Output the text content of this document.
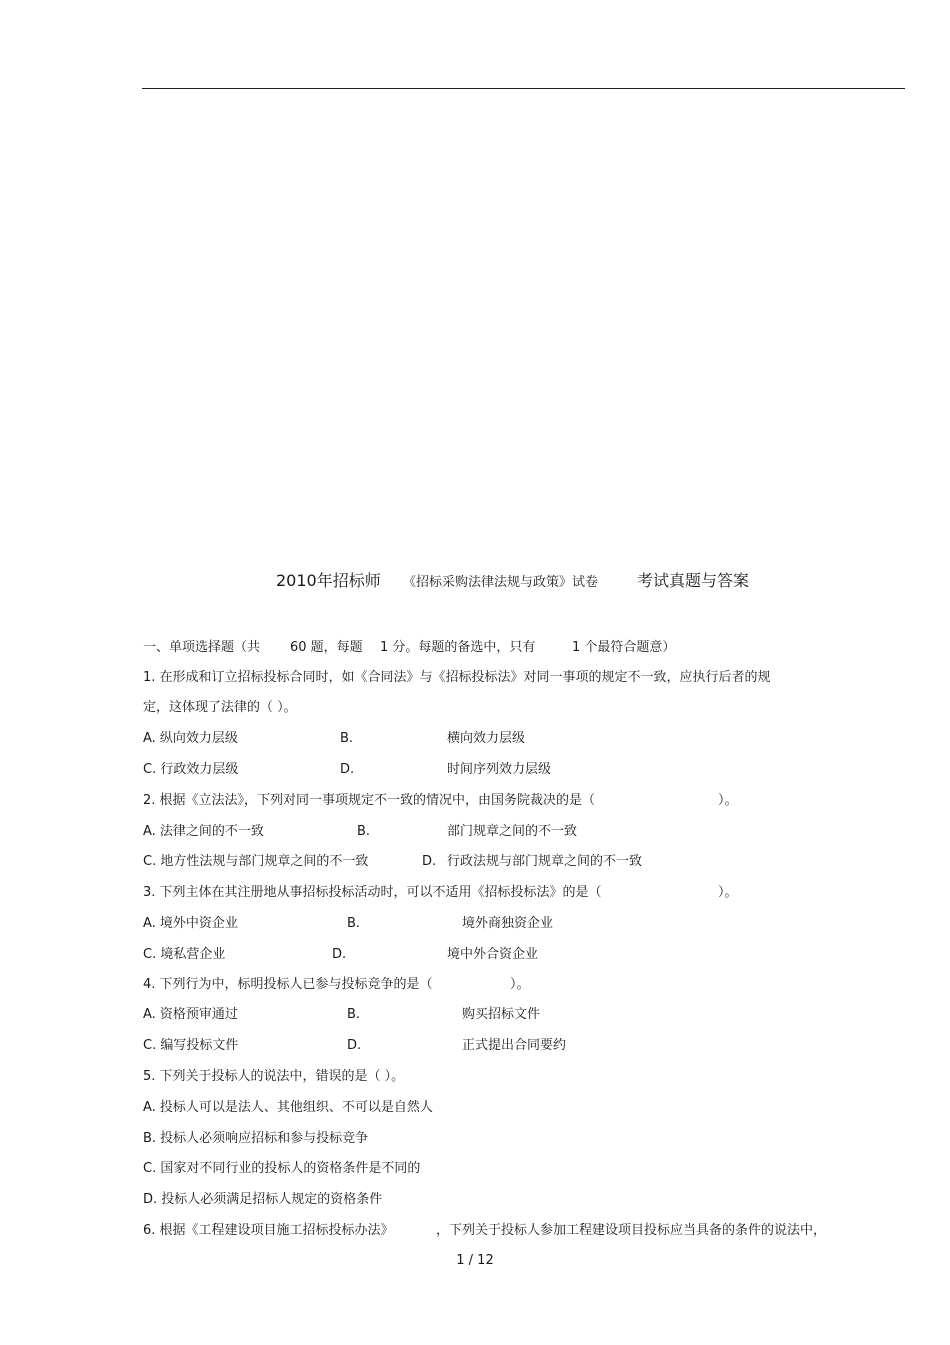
2010年招标师 《招标采购法律法规与政策》试卷 考试真题与答案
一、单项选择题（共 60 题，每题 1 分。每题的备选中，只有	1 个最符合题意）
1. 在形成和订立招标投标合同时，如《合同法》与《招标投标法》对同一事项的规定不一致，应执行后者的规
定，这体现了法律的（ ）。
A. 纵向效力层级	B.	横向效力层级
C. 行政效力层级	D.	时间序列效力层级
2. 根据《立法法》，下列对同一事项规定不一致的情况中，由国务院裁决的是（	）。
A. 法律之间的不一致	B.	部门规章之间的不一致
C. 地方性法规与部门规章之间的不一致	D. 行政法规与部门规章之间的不一致
3. 下列主体在其注册地从事招标投标活动时，可以不适用《招标投标法》的是（	）。
A. 境外中资企业	B.	境外商独资企业
C. 境私营企业	D.	境中外合资企业
4. 下列行为中，标明投标人已参与投标竞争的是（	）。
A. 资格预审通过	B.	购买招标文件
C. 编写投标文件	D.	正式提出合同要约
5. 下列关于投标人的说法中，错误的是（ ）。
A. 投标人可以是法人、其他组织、不可以是自然人
B. 投标人必须响应招标和参与投标竞争
C. 国家对不同行业的投标人的资格条件是不同的
D. 投标人必须满足招标人规定的资格条件
6. 根据《工程建设项目施工招标投标办法》	，下列关于投标人参加工程建设项目投标应当具备的条件的说法中，
1 / 12
